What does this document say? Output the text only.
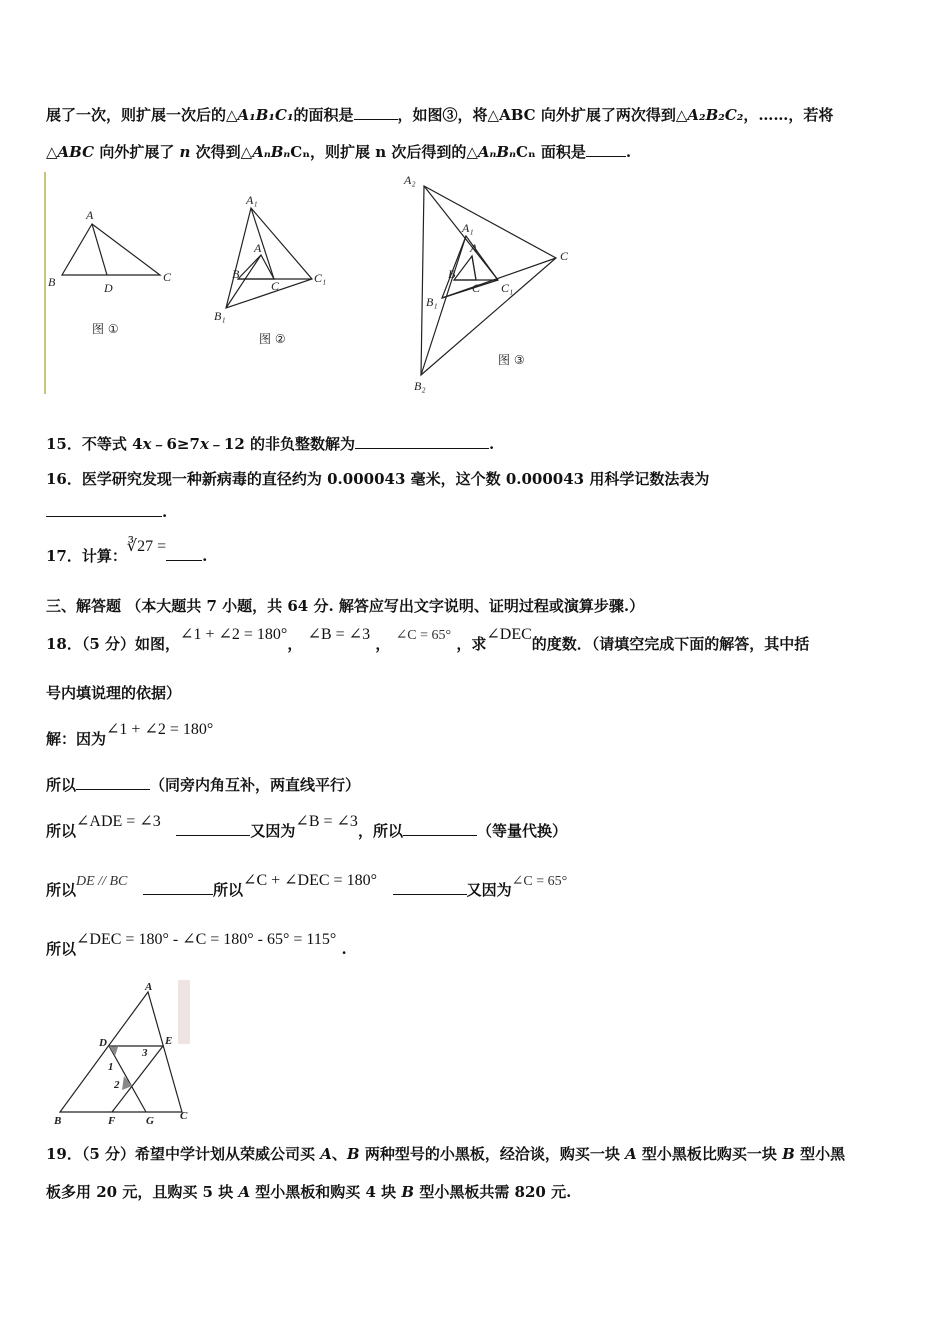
展了一次，则扩展一次后的△A₁B₁C₁的面积是	，如图③，将△ABC 向外扩展了两次得到△A₂B₂C₂，……，若将
△ABC 向外扩展了 n 次得到△AₙBₙCₙ，则扩展 n 次后得到的△AₙBₙCₙ 面积是	.
A
B	C
D
图 ①
A₁
A
B
C
C₁
B₁
图 ②
A₂
A₁
A
B
C C₁
C
B₁
B₂
图 ③
15．不等式 4x﹣6≥7x﹣12 的非负整数解为	.
16．医学研究发现一种新病毒的直径约为 0.000043 毫米，这个数 0.000043 用科学记数法表为
.
17．计算：∛27 =.
三、解答题 （本大题共 7 小题，共 64 分. 解答应写出文字说明、证明过程或演算步骤.）
18．（5 分）如图，∠1 + ∠2 = 180°， ∠B = ∠3 ， ∠C = 65° ，求∠DEC的度数．（请填空完成下面的解答，其中括
号内填说理的依据）
解：因为∠1 + ∠2 = 180°
所以	（同旁内角互补，两直线平行）
所以∠ADE = ∠3   又因为∠B = ∠3，所以	（等量代换）
所以DE // BC	所以∠C + ∠DEC = 180°   又因为∠C = 65°
所以∠DEC = 180° - ∠C = 180° - 65° = 115° .
A
D	E
1
2
3
B	F	G C
19．（5 分）希望中学计划从荣威公司买 A、B 两种型号的小黑板，经洽谈，购买一块 A 型小黑板比购买一块 B 型小黑
板多用 20 元，且购买 5 块 A 型小黑板和购买 4 块 B 型小黑板共需 820 元.
